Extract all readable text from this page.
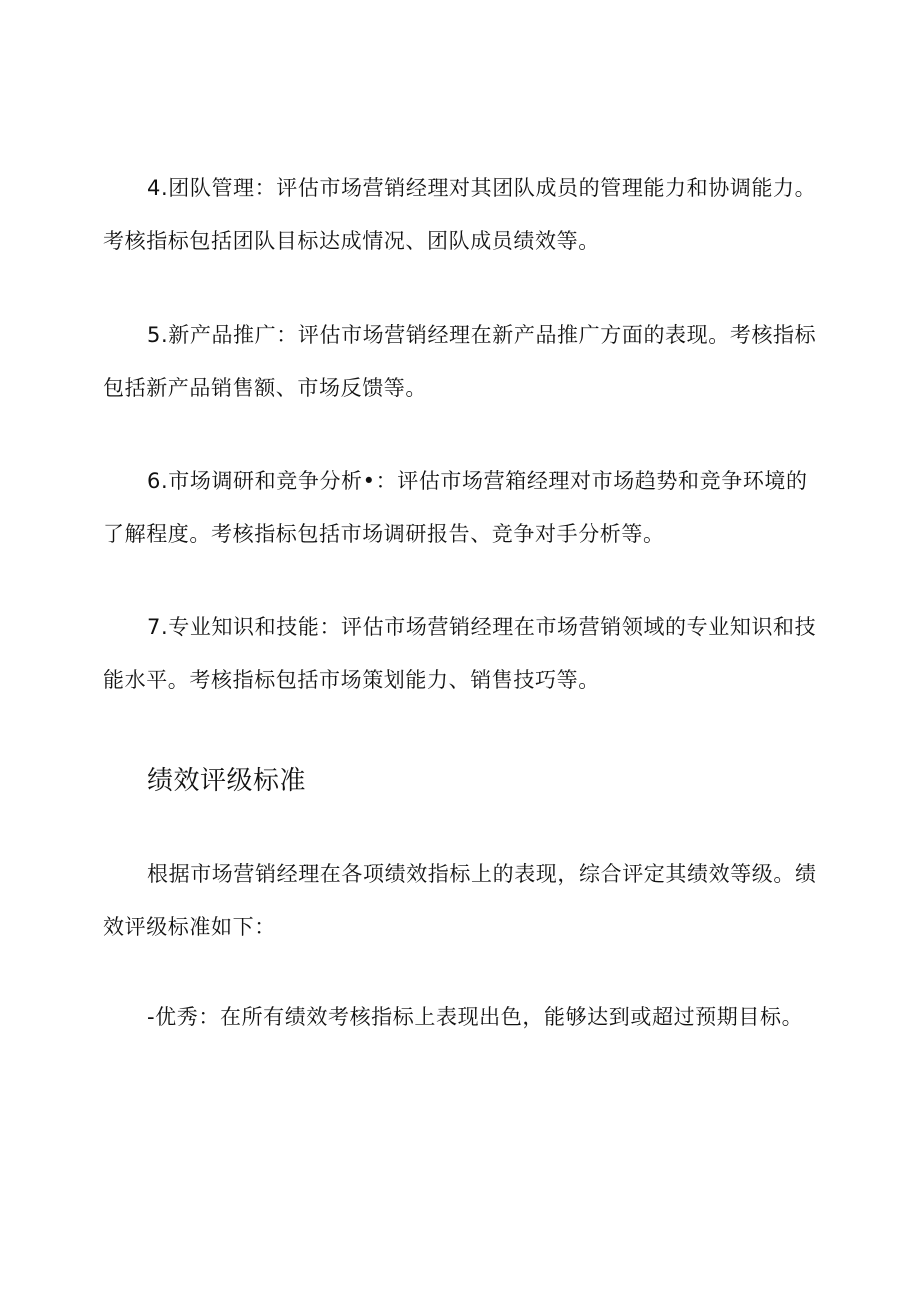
4.团队管理：评估市场营销经理对其团队成员的管理能力和协调能力。考核指标包括团队目标达成情况、团队成员绩效等。

5.新产品推广：评估市场营销经理在新产品推广方面的表现。考核指标包括新产品销售额、市场反馈等。

6.市场调研和竞争分析•：评估市场营箱经理对市场趋势和竞争环境的了解程度。考核指标包括市场调研报告、竞争对手分析等。

7.专业知识和技能：评估市场营销经理在市场营销领域的专业知识和技能水平。考核指标包括市场策划能力、销售技巧等。

绩效评级标准

根据市场营销经理在各项绩效指标上的表现，综合评定其绩效等级。绩效评级标准如下：

-优秀：在所有绩效考核指标上表现出色，能够达到或超过预期目标。
